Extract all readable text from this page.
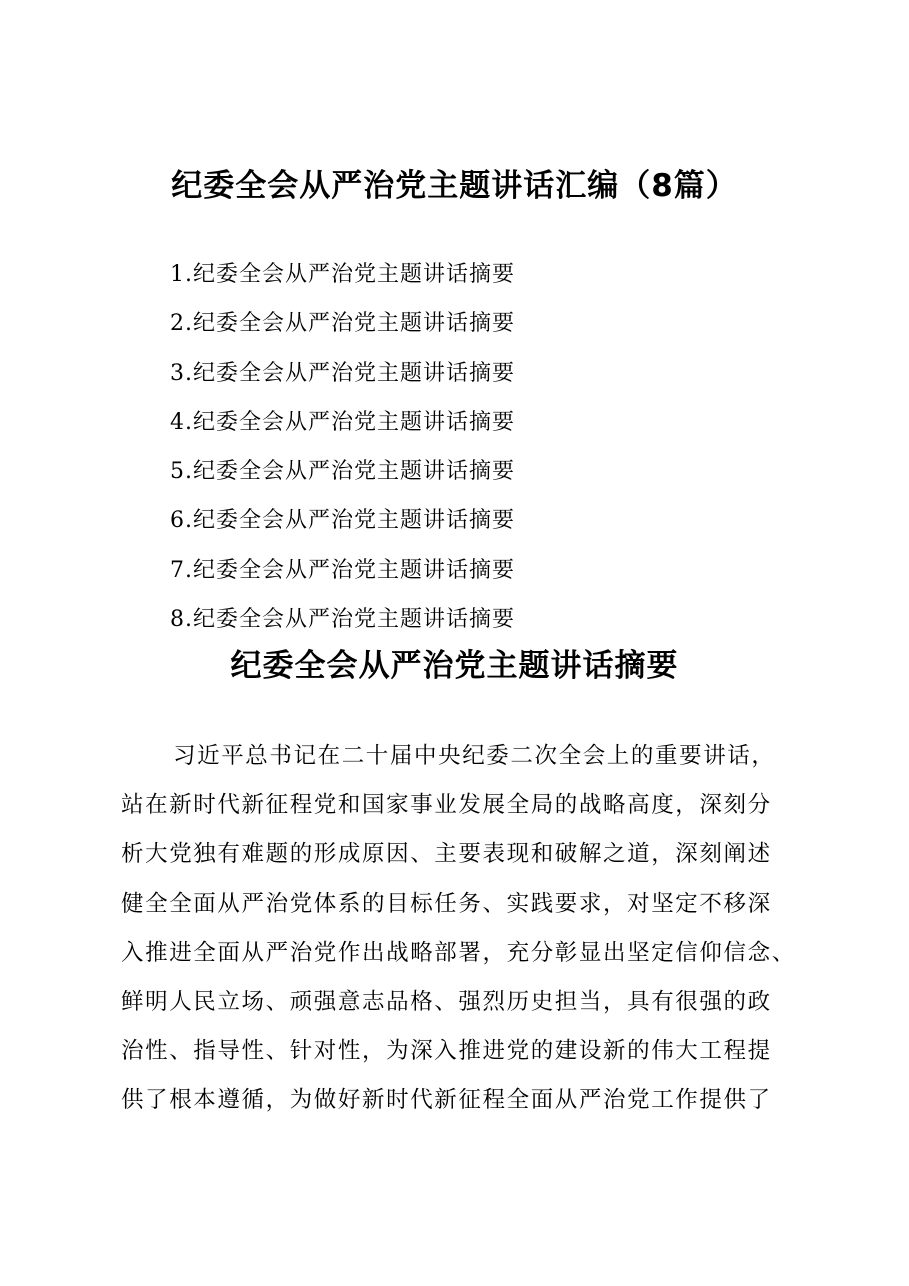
纪委全会从严治党主题讲话汇编（8篇）
1.纪委全会从严治党主题讲话摘要
2.纪委全会从严治党主题讲话摘要
3.纪委全会从严治党主题讲话摘要
4.纪委全会从严治党主题讲话摘要
5.纪委全会从严治党主题讲话摘要
6.纪委全会从严治党主题讲话摘要
7.纪委全会从严治党主题讲话摘要
8.纪委全会从严治党主题讲话摘要
纪委全会从严治党主题讲话摘要
习近平总书记在二十届中央纪委二次全会上的重要讲话，
站在新时代新征程党和国家事业发展全局的战略高度，深刻分
析大党独有难题的形成原因、主要表现和破解之道，深刻阐述
健全全面从严治党体系的目标任务、实践要求，对坚定不移深
入推进全面从严治党作出战略部署，充分彰显出坚定信仰信念、
鲜明人民立场、顽强意志品格、强烈历史担当，具有很强的政
治性、指导性、针对性，为深入推进党的建设新的伟大工程提
供了根本遵循，为做好新时代新征程全面从严治党工作提供了
